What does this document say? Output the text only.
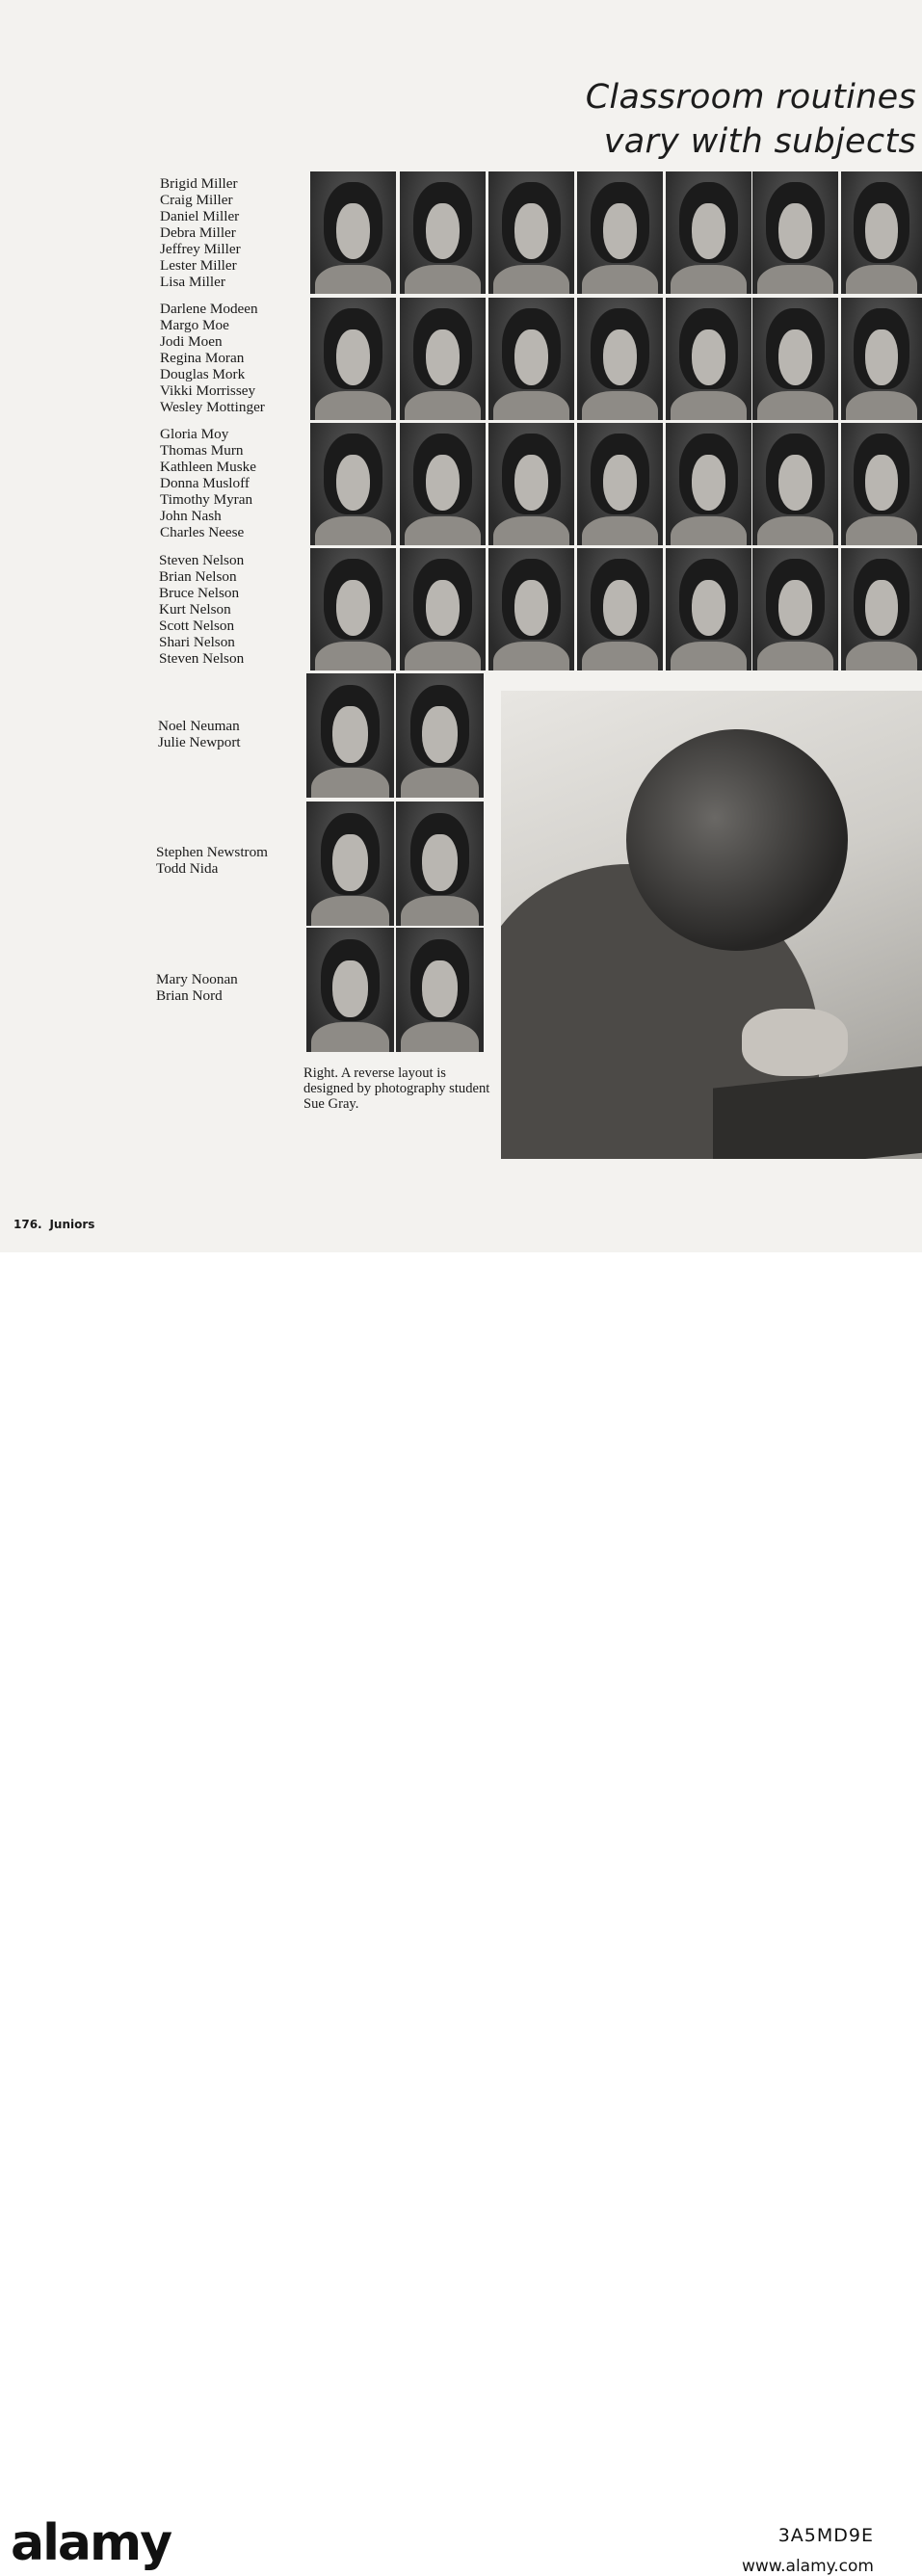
Classroom routines
vary with subjects
Brigid Miller
Craig Miller
Daniel Miller
Debra Miller
Jeffrey Miller
Lester Miller
Lisa Miller
Darlene Modeen
Margo Moe
Jodi Moen
Regina Moran
Douglas Mork
Vikki Morrissey
Wesley Mottinger
Gloria Moy
Thomas Murn
Kathleen Muske
Donna Musloff
Timothy Myran
John Nash
Charles Neese
Steven Nelson
Brian Nelson
Bruce Nelson
Kurt Nelson
Scott Nelson
Shari Nelson
Steven Nelson
Noel Neuman
Julie Newport
Stephen Newstrom
Todd Nida
Mary Noonan
Brian Nord

Right. A reverse layout is designed by photography student Sue Gray.

176. Juniors
alamy	3A5MD9E
www.alamy.com
